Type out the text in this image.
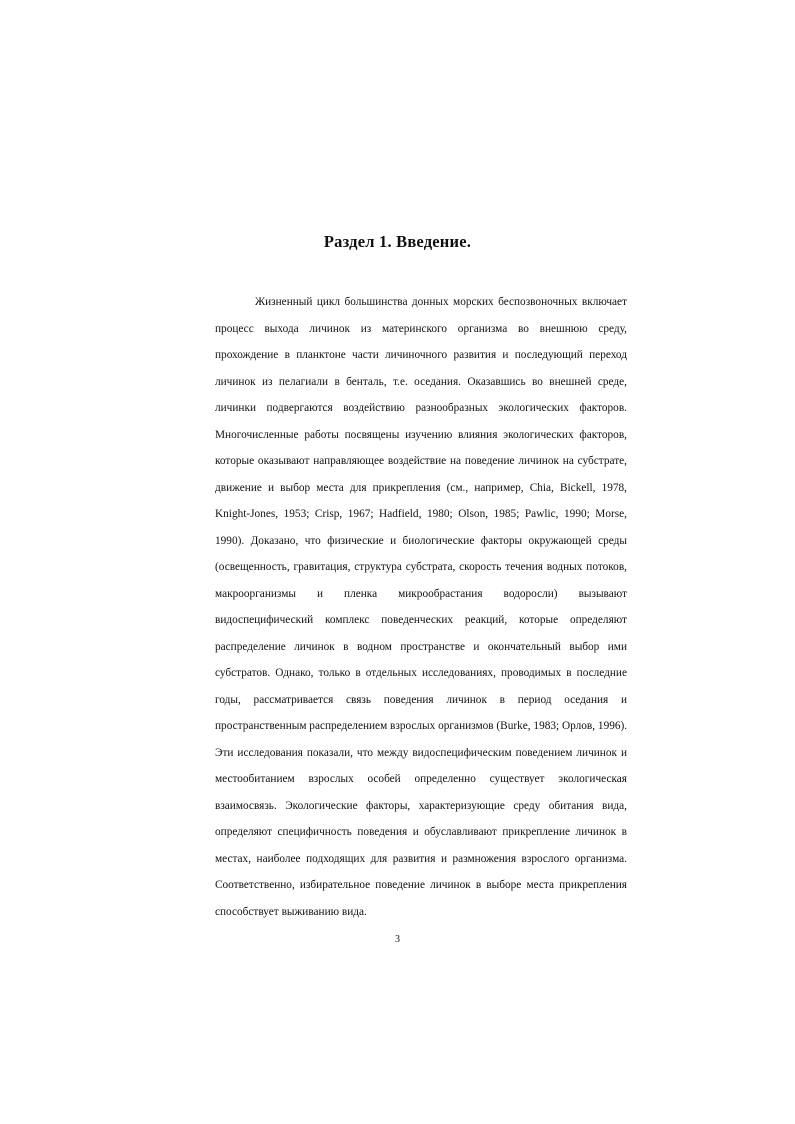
Раздел 1. Введение.
Жизненный цикл большинства донных морских беспозвоночных включает
процесс выхода личинок из материнского организма во внешнюю среду,
прохождение в планктоне части личиночного развития и последующий переход
личинок из пелагиали в бенталь, т.е. оседания. Оказавшись во внешней среде,
личинки подвергаются воздействию разнообразных экологических факторов.
Многочисленные работы посвящены изучению влияния экологических факторов,
которые оказывают направляющее воздействие на поведение личинок на субстрате,
движение и выбор места для прикрепления (см., например, Chia, Bickell, 1978,
Knight-Jones, 1953; Crisp, 1967; Hadfield, 1980; Olson, 1985; Pawlic, 1990; Morse,
1990). Доказано, что физические и биологические факторы окружающей среды
(освещенность, гравитация, структура субстрата, скорость течения водных потоков,
макроорганизмы и пленка микрообрастания водоросли) вызывают
видоспецифический комплекс поведенческих реакций, которые определяют
распределение личинок в водном пространстве и окончательный выбор ими
субстратов. Однако, только в отдельных исследованиях, проводимых в последние
годы, рассматривается связь поведения личинок в период оседания и
пространственным распределением взрослых организмов (Burke, 1983; Орлов, 1996).
Эти исследования показали, что между видоспецифическим поведением личинок и
местообитанием взрослых особей определенно существует экологическая
взаимосвязь. Экологические факторы, характеризующие среду обитания вида,
определяют специфичность поведения и обуславливают прикрепление личинок в
местах, наиболее подходящих для развития и размножения взрослого организма.
Соответственно, избирательное поведение личинок в выборе места прикрепления
способствует выживанию вида.
3
